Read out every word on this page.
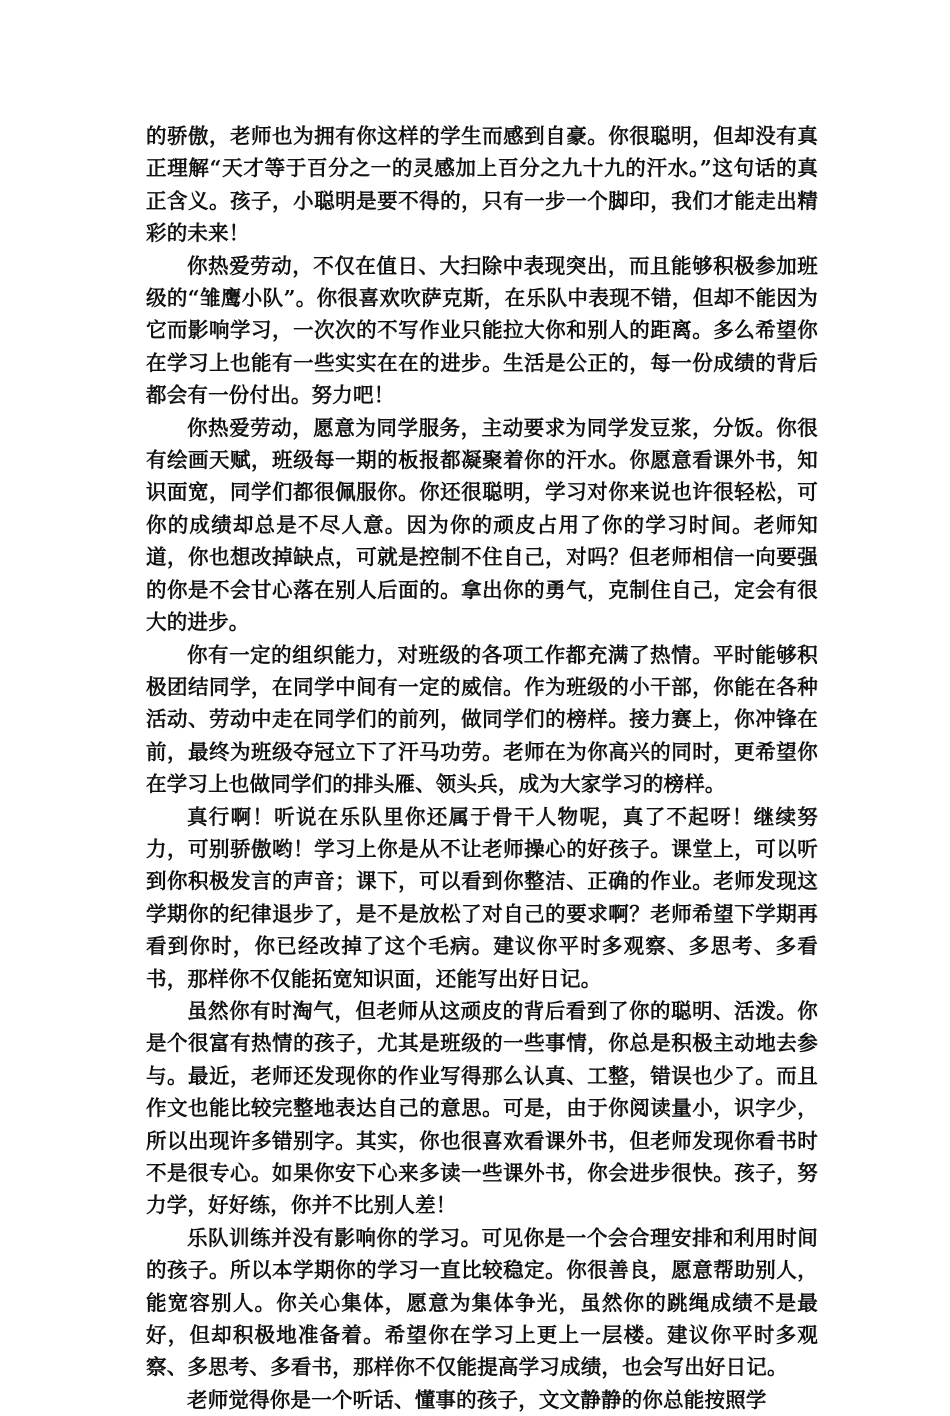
的骄傲，老师也为拥有你这样的学生而感到自豪。你很聪明，但却没有真正理解“天才等于百分之一的灵感加上百分之九十九的汗水。”这句话的真正含义。孩子，小聪明是要不得的，只有一步一个脚印，我们才能走出精彩的未来！

你热爱劳动，不仅在值日、大扫除中表现突出，而且能够积极参加班级的“雏鹰小队”。你很喜欢吹萨克斯，在乐队中表现不错，但却不能因为它而影响学习，一次次的不写作业只能拉大你和别人的距离。多么希望你在学习上也能有一些实实在在的进步。生活是公正的，每一份成绩的背后都会有一份付出。努力吧！

你热爱劳动，愿意为同学服务，主动要求为同学发豆浆，分饭。你很有绘画天赋，班级每一期的板报都凝聚着你的汗水。你愿意看课外书，知识面宽，同学们都很佩服你。你还很聪明，学习对你来说也许很轻松，可你的成绩却总是不尽人意。因为你的顽皮占用了你的学习时间。老师知道，你也想改掉缺点，可就是控制不住自己，对吗？但老师相信一向要强的你是不会甘心落在别人后面的。拿出你的勇气，克制住自己，定会有很大的进步。

你有一定的组织能力，对班级的各项工作都充满了热情。平时能够积极团结同学，在同学中间有一定的威信。作为班级的小干部，你能在各种活动、劳动中走在同学们的前列，做同学们的榜样。接力赛上，你冲锋在前，最终为班级夺冠立下了汗马功劳。老师在为你高兴的同时，更希望你在学习上也做同学们的排头雁、领头兵，成为大家学习的榜样。

真行啊！听说在乐队里你还属于骨干人物呢，真了不起呀！继续努力，可别骄傲哟！学习上你是从不让老师操心的好孩子。课堂上，可以听到你积极发言的声音；课下，可以看到你整洁、正确的作业。老师发现这学期你的纪律退步了，是不是放松了对自己的要求啊？老师希望下学期再看到你时，你已经改掉了这个毛病。建议你平时多观察、多思考、多看书，那样你不仅能拓宽知识面，还能写出好日记。

虽然你有时淘气，但老师从这顽皮的背后看到了你的聪明、活泼。你是个很富有热情的孩子，尤其是班级的一些事情，你总是积极主动地去参与。最近，老师还发现你的作业写得那么认真、工整，错误也少了。而且作文也能比较完整地表达自己的意思。可是，由于你阅读量小，识字少，所以出现许多错别字。其实，你也很喜欢看课外书，但老师发现你看书时不是很专心。如果你安下心来多读一些课外书，你会进步很快。孩子，努力学，好好练，你并不比别人差！

乐队训练并没有影响你的学习。可见你是一个会合理安排和利用时间的孩子。所以本学期你的学习一直比较稳定。你很善良，愿意帮助别人，能宽容别人。你关心集体，愿意为集体争光，虽然你的跳绳成绩不是最好，但却积极地准备着。希望你在学习上更上一层楼。建议你平时多观察、多思考、多看书，那样你不仅能提高学习成绩，也会写出好日记。

老师觉得你是一个听话、懂事的孩子，文文静静的你总能按照学
